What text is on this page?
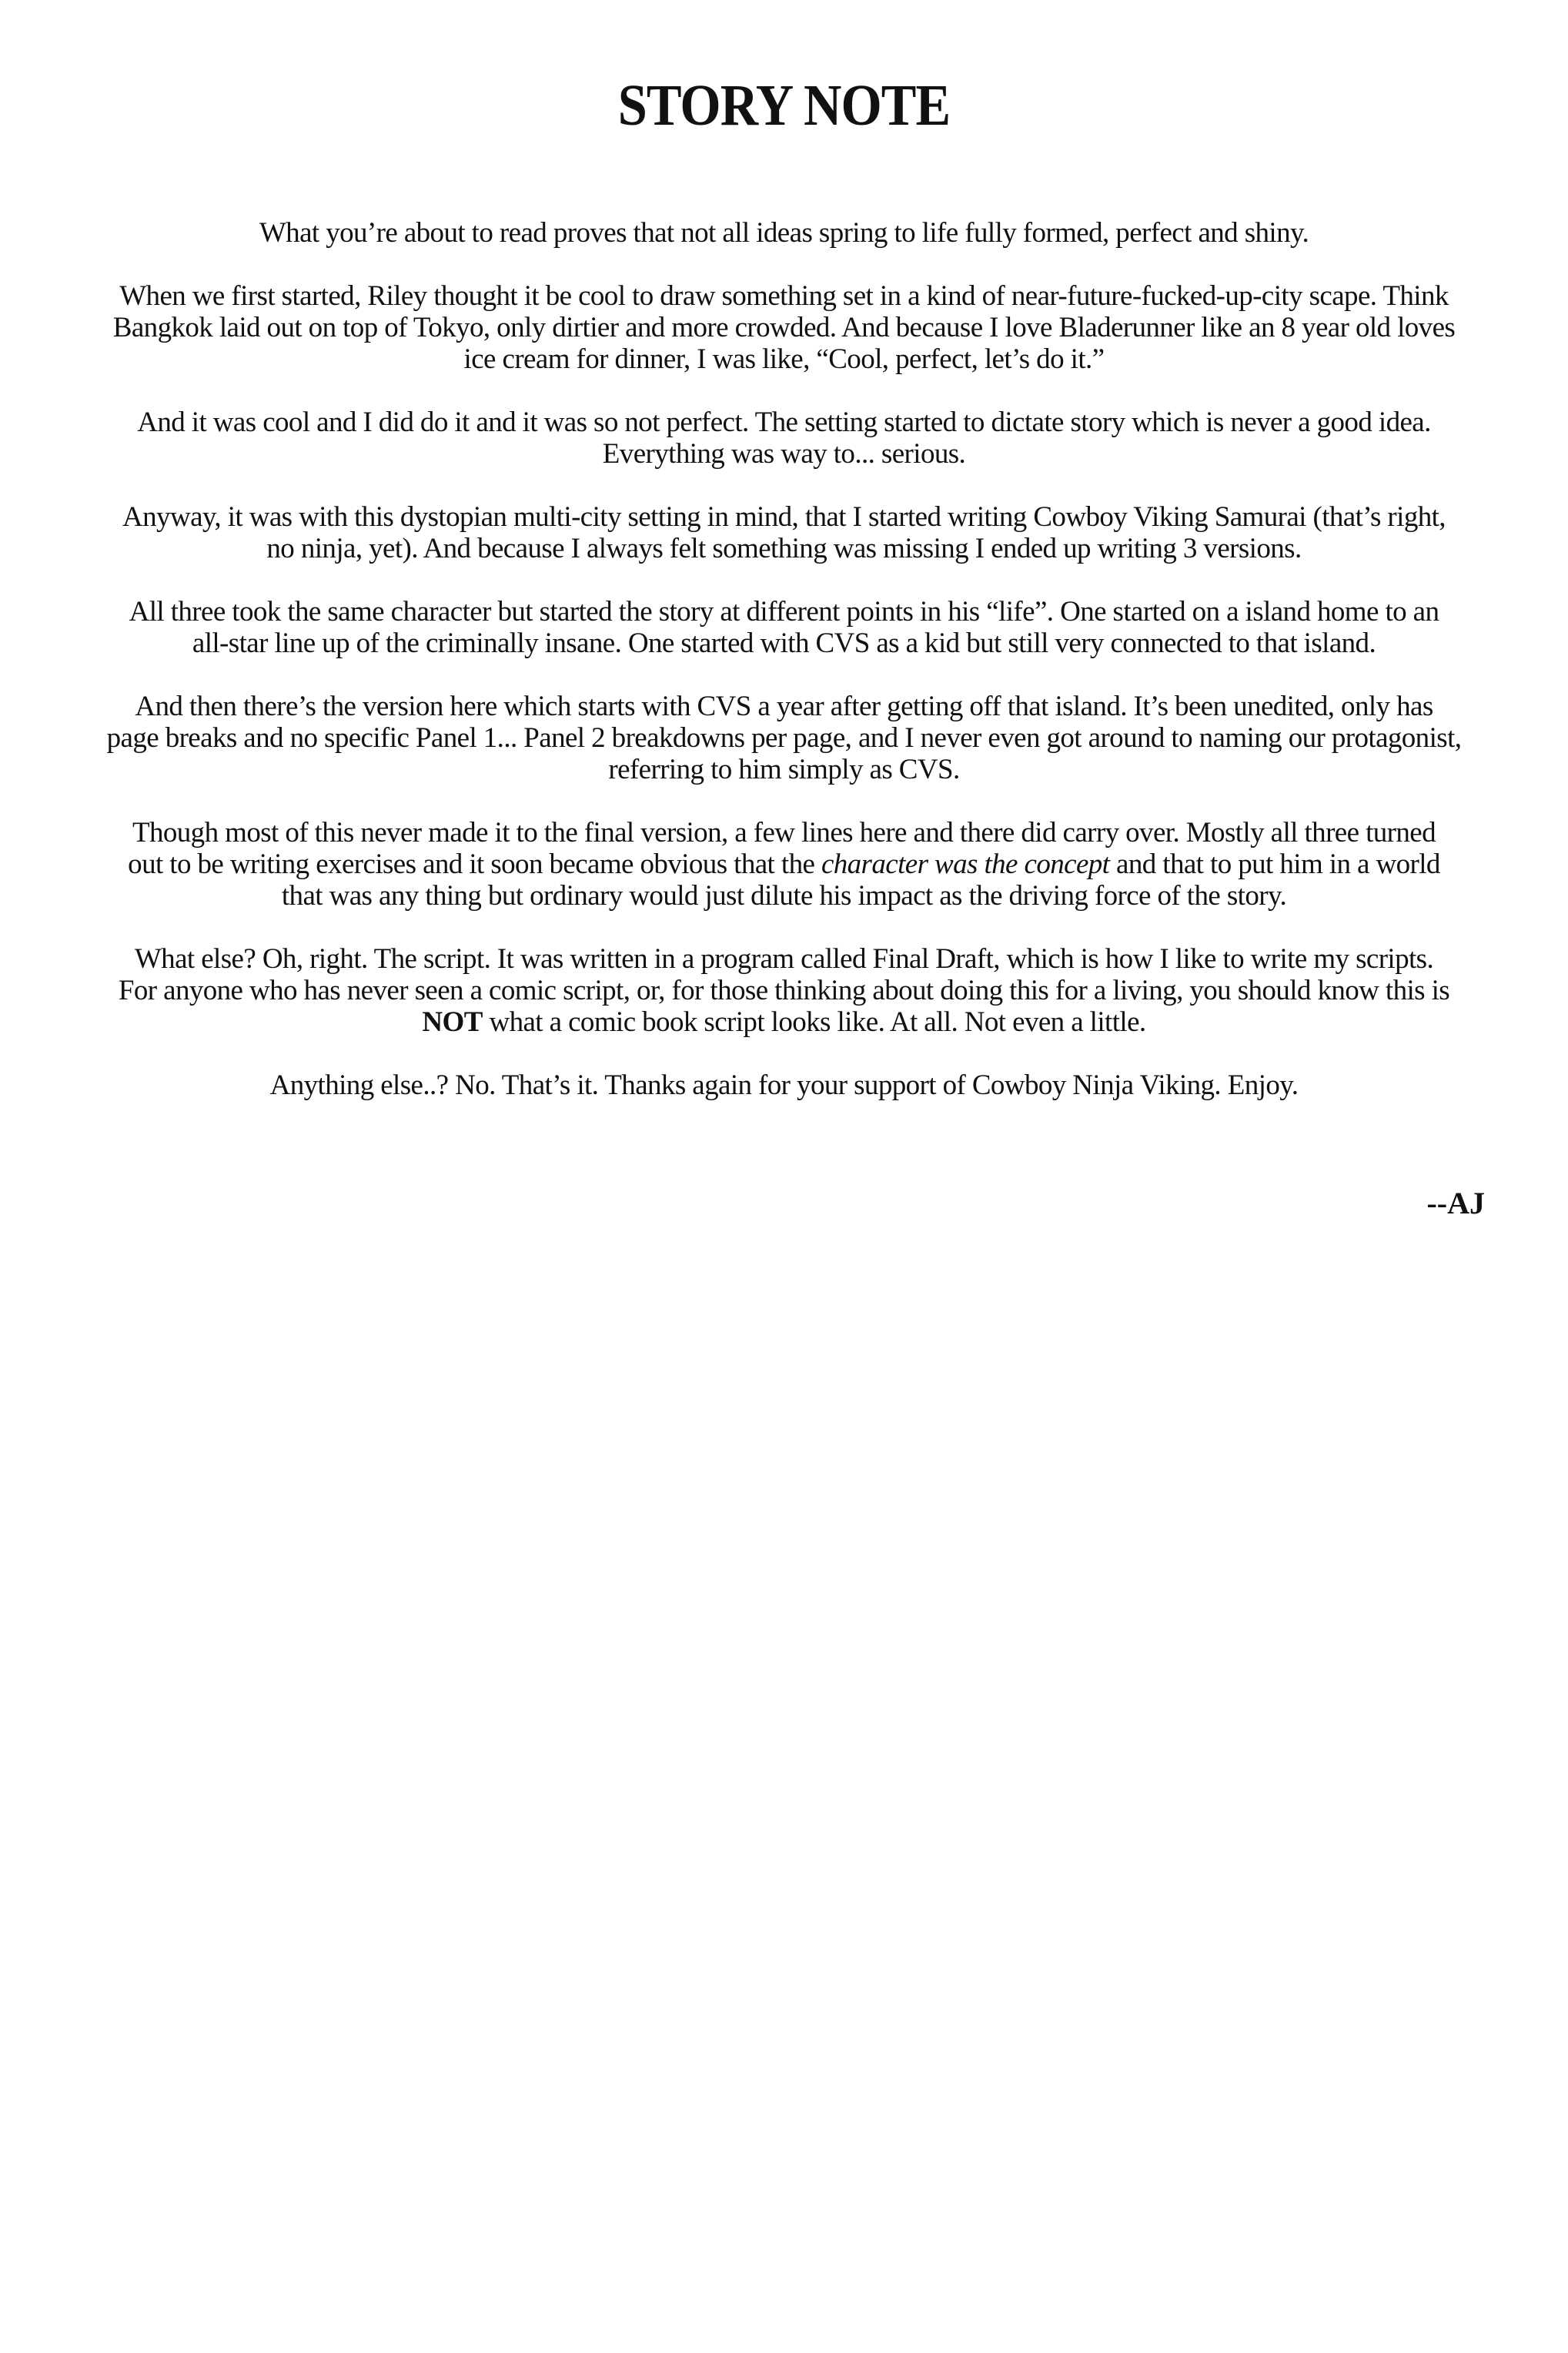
STORY NOTE

What you’re about to read proves that not all ideas spring to life fully formed, perfect and shiny.

When we first started, Riley thought it be cool to draw something set in a kind of near-future-fucked-up-city scape. Think
Bangkok laid out on top of Tokyo, only dirtier and more crowded. And because I love Bladerunner like an 8 year old loves
ice cream for dinner, I was like, “Cool, perfect, let’s do it.”

And it was cool and I did do it and it was so not perfect. The setting started to dictate story which is never a good idea.
Everything was way to... serious.

Anyway, it was with this dystopian multi-city setting in mind, that I started writing Cowboy Viking Samurai (that’s right,
no ninja, yet). And because I always felt something was missing I ended up writing 3 versions.

All three took the same character but started the story at different points in his “life”. One started on a island home to an
all-star line up of the criminally insane. One started with CVS as a kid but still very connected to that island.

And then there’s the version here which starts with CVS a year after getting off that island. It’s been unedited, only has
page breaks and no specific Panel 1... Panel 2 breakdowns per page, and I never even got around to naming our protagonist,
referring to him simply as CVS.

Though most of this never made it to the final version, a few lines here and there did carry over. Mostly all three turned
out to be writing exercises and it soon became obvious that the character was the concept and that to put him in a world
that was any thing but ordinary would just dilute his impact as the driving force of the story.

What else? Oh, right. The script. It was written in a program called Final Draft, which is how I like to write my scripts.
For anyone who has never seen a comic script, or, for those thinking about doing this for a living, you should know this is
NOT what a comic book script looks like. At all. Not even a little.

Anything else..? No. That’s it. Thanks again for your support of Cowboy Ninja Viking. Enjoy.

--AJ
